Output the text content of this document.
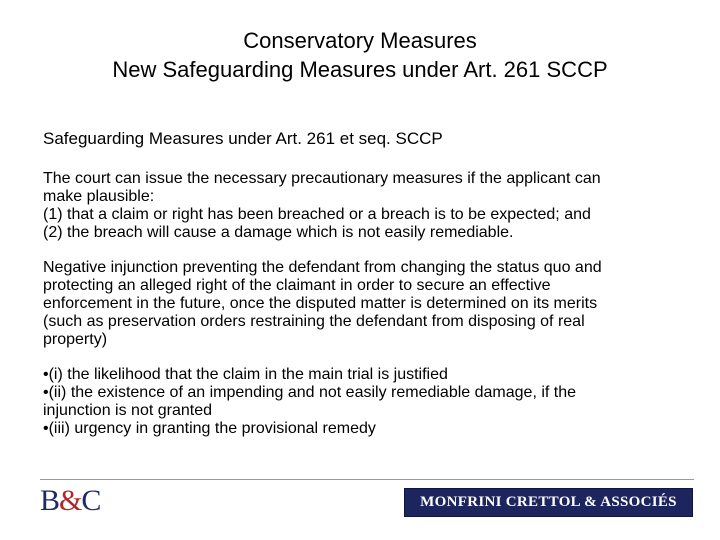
Conservatory Measures
New Safeguarding Measures under Art. 261 SCCP
Safeguarding Measures under Art. 261 et seq. SCCP
The court can issue the necessary precautionary measures if the applicant can
make plausible:
(1) that a claim or right has been breached or a breach is to be expected; and
(2) the breach will cause a damage which is not easily remediable.
Negative injunction preventing the defendant from changing the status quo and
protecting an alleged right of the claimant in order to secure an effective
enforcement in the future, once the disputed matter is determined on its merits
(such as preservation orders restraining the defendant from disposing of real
property)
•(i) the likelihood that the claim in the main trial is justified
•(ii) the existence of an impending and not easily remediable damage, if the
injunction is not granted
•(iii) urgency in granting the provisional remedy
B&C	MONFRINI CRETTOL & ASSOCIÉS
